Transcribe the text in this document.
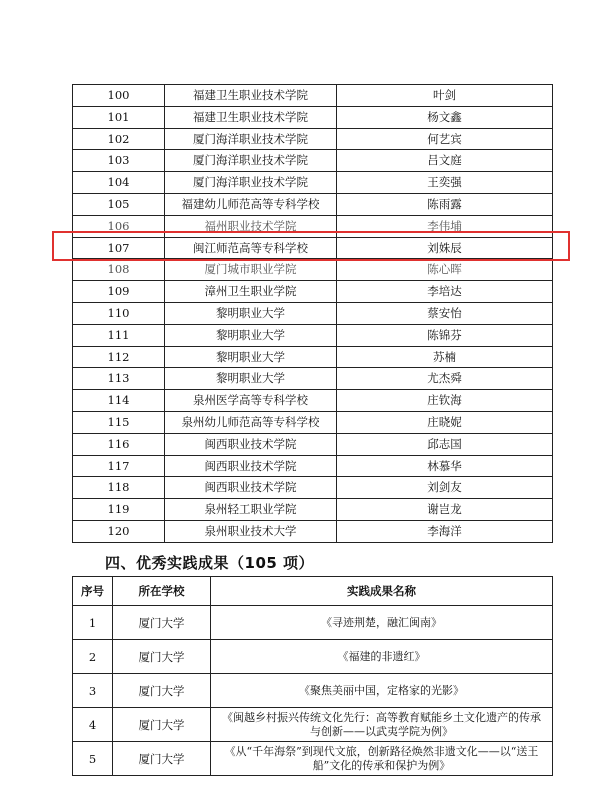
100	福建卫生职业技术学院	叶剑
101	福建卫生职业技术学院	杨文鑫
102	厦门海洋职业技术学院	何艺宾
103	厦门海洋职业技术学院	吕文庭
104	厦门海洋职业技术学院	王奕强
105	福建幼儿师范高等专科学校	陈雨露
106	福州职业技术学院	李伟埔
107	闽江师范高等专科学校	刘姝辰
108	厦门城市职业学院	陈心晖
109	漳州卫生职业学院	李培达
110	黎明职业大学	蔡安怡
111	黎明职业大学	陈锦芬
112	黎明职业大学	苏楠
113	黎明职业大学	尤杰舜
114	泉州医学高等专科学校	庄钦海
115	泉州幼儿师范高等专科学校	庄晓妮
116	闽西职业技术学院	邱志国
117	闽西职业技术学院	林慕华
118	闽西职业技术学院	刘剑友
119	泉州轻工职业学院	谢岂龙
120	泉州职业技术大学	李海洋
四、优秀实践成果（105 项）
序号	所在学校	实践成果名称
1	厦门大学	《寻迹荆楚，融汇闽南》
2	厦门大学	《福建的非遗红》
3	厦门大学	《聚焦美丽中国，定格家的光影》
4	厦门大学	《闽越乡村振兴传统文化先行：高等教育赋能乡土文化遗产的传承与创新——以武夷学院为例》
5	厦门大学	《从“千年海祭”到现代文旅，创新路径焕然非遗文化——以“送王船”文化的传承和保护为例》
